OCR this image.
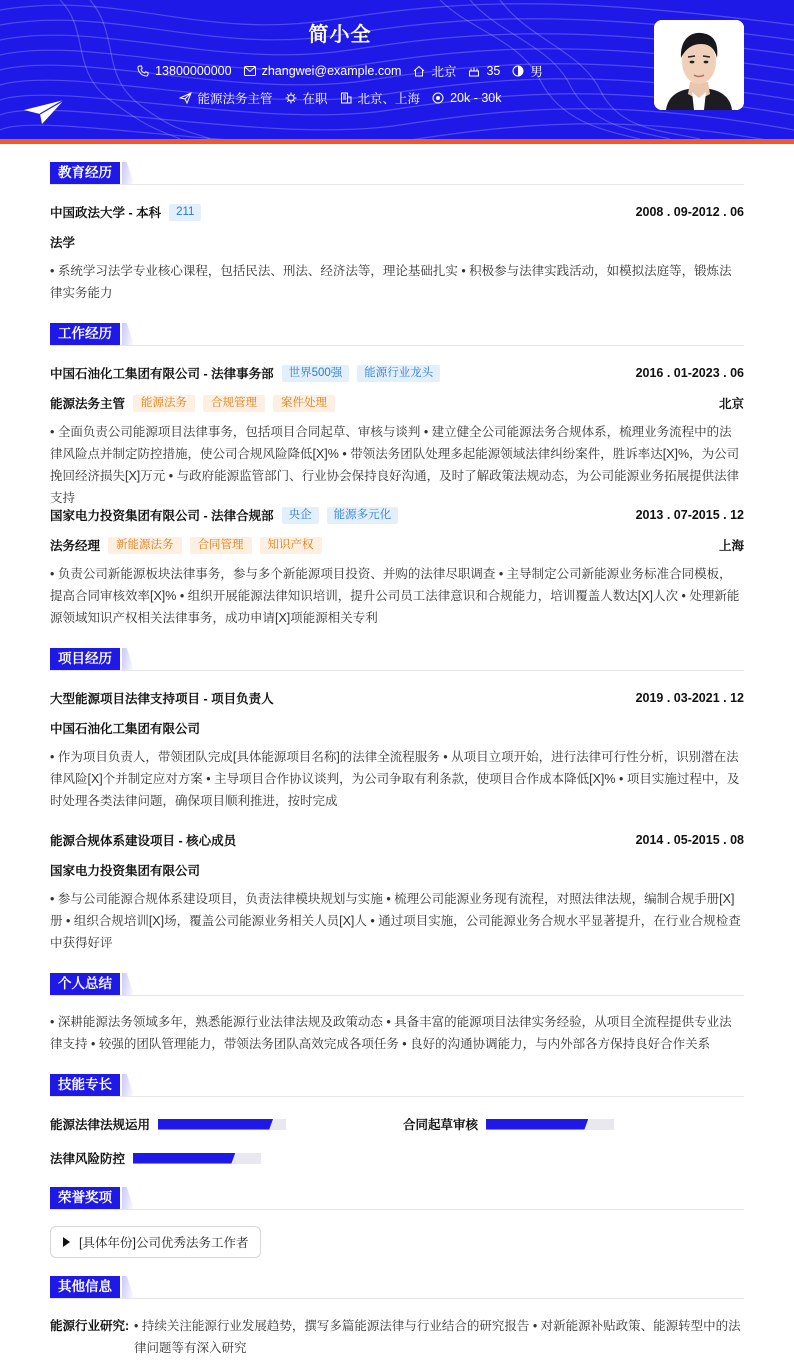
简小全
13800000000 zhangwei@example.com 北京 35 男
能源法务主管 在职 北京、上海 20k - 30k
教育经历
中国政法大学 - 本科	211	2008 . 09-2012 . 06
法学
• 系统学习法学专业核心课程，包括民法、刑法、经济法等，理论基础扎实 • 积极参与法律实践活动，如模拟法庭等，锻炼法律实务能力
工作经历
中国石油化工集团有限公司 - 法律事务部	世界500强	能源行业龙头	2016 . 01-2023 . 06
能源法务主管	能源法务	合规管理	案件处理	北京
• 全面负责公司能源项目法律事务，包括项目合同起草、审核与谈判 • 建立健全公司能源法务合规体系，梳理业务流程中的法律风险点并制定防控措施，使公司合规风险降低[X]% • 带领法务团队处理多起能源领域法律纠纷案件，胜诉率达[X]%，为公司挽回经济损失[X]万元 • 与政府能源监管部门、行业协会保持良好沟通，及时了解政策法规动态，为公司能源业务拓展提供法律支持
国家电力投资集团有限公司 - 法律合规部	央企	能源多元化	2013 . 07-2015 . 12
法务经理	新能源法务	合同管理	知识产权	上海
• 负责公司新能源板块法律事务，参与多个新能源项目投资、并购的法律尽职调查 • 主导制定公司新能源业务标准合同模板，提高合同审核效率[X]% • 组织开展能源法律知识培训，提升公司员工法律意识和合规能力，培训覆盖人数达[X]人次 • 处理新能源领域知识产权相关法律事务，成功申请[X]项能源相关专利
项目经历
大型能源项目法律支持项目 - 项目负责人	2019 . 03-2021 . 12
中国石油化工集团有限公司
• 作为项目负责人，带领团队完成[具体能源项目名称]的法律全流程服务 • 从项目立项开始，进行法律可行性分析，识别潜在法律风险[X]个并制定应对方案 • 主导项目合作协议谈判，为公司争取有利条款，使项目合作成本降低[X]% • 项目实施过程中，及时处理各类法律问题，确保项目顺利推进，按时完成
能源合规体系建设项目 - 核心成员	2014 . 05-2015 . 08
国家电力投资集团有限公司
• 参与公司能源合规体系建设项目，负责法律模块规划与实施 • 梳理公司能源业务现有流程，对照法律法规，编制合规手册[X]册 • 组织合规培训[X]场，覆盖公司能源业务相关人员[X]人 • 通过项目实施，公司能源业务合规水平显著提升，在行业合规检查中获得好评
个人总结
• 深耕能源法务领域多年，熟悉能源行业法律法规及政策动态 • 具备丰富的能源项目法律实务经验，从项目全流程提供专业法律支持 • 较强的团队管理能力，带领法务团队高效完成各项任务 • 良好的沟通协调能力，与内外部各方保持良好合作关系
技能专长
能源法律法规运用	合同起草审核
法律风险防控
荣誉奖项
[具体年份]公司优秀法务工作者
其他信息
能源行业研究: • 持续关注能源行业发展趋势，撰写多篇能源法律与行业结合的研究报告 • 对新能源补贴政策、能源转型中的法律问题等有深入研究
